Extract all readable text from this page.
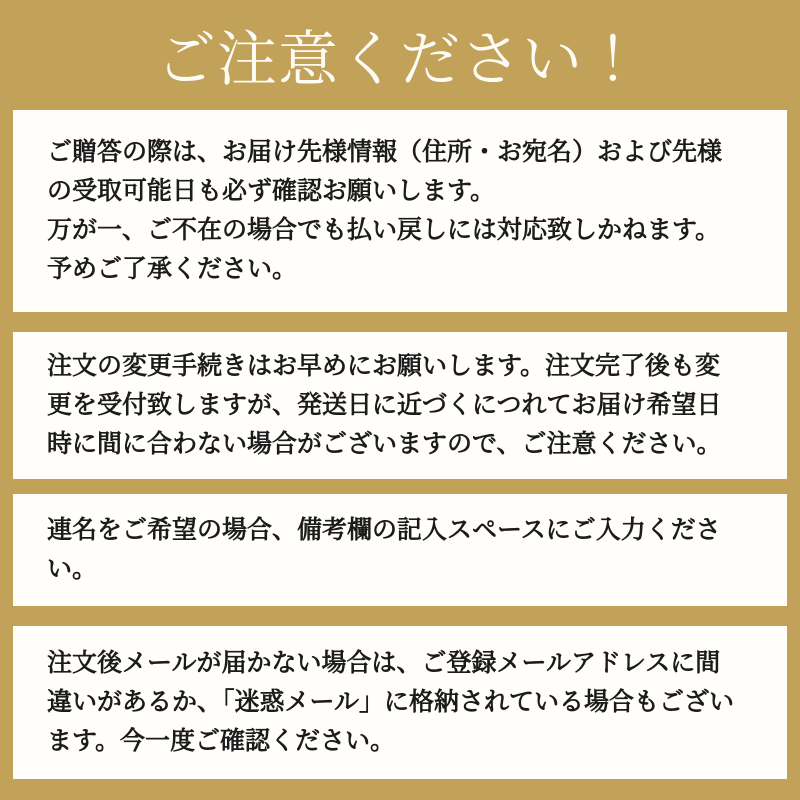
ご注意ください！
ご贈答の際は、お届け先様情報（住所・お宛名）および先様
の受取可能日も必ず確認お願いします。
万が一、ご不在の場合でも払い戻しには対応致しかねます。
予めご了承ください。
注文の変更手続きはお早めにお願いします。注文完了後も変
更を受付致しますが、発送日に近づくにつれてお届け希望日
時に間に合わない場合がございますので、ご注意ください。
連名をご希望の場合、備考欄の記入スペースにご入力くださ
い。
注文後メールが届かない場合は、ご登録メールアドレスに間
違いがあるか、「迷惑メール」に格納されている場合もござい
ます。今一度ご確認ください。
